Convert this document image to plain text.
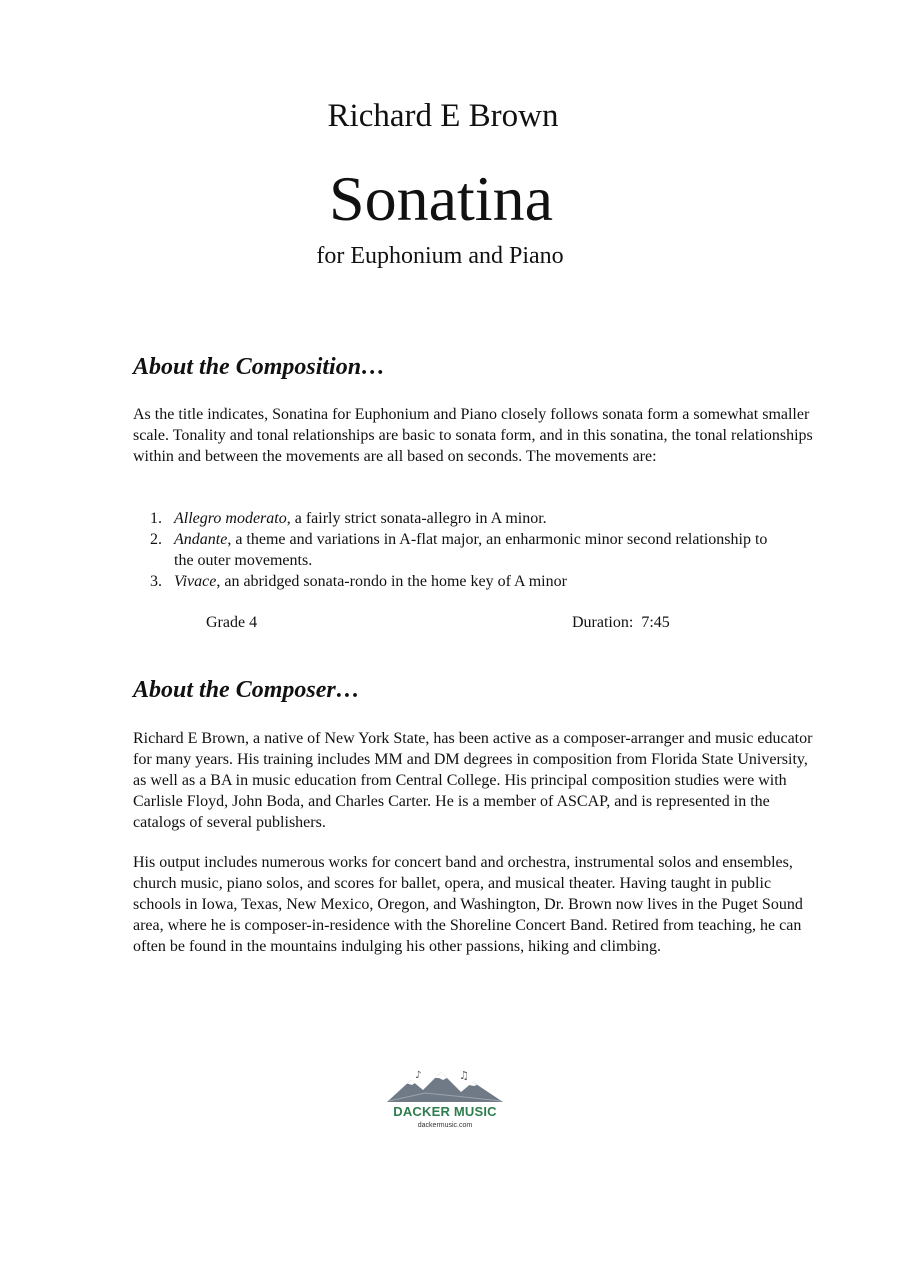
Richard E Brown
Sonatina
for Euphonium and Piano
About the Composition…

As the title indicates, Sonatina for Euphonium and Piano closely follows sonata form a somewhat smaller scale. Tonality and tonal relationships are basic to sonata form, and in this sonatina, the tonal relationships within and between the movements are all based on seconds. The movements are:

1. Allegro moderato, a fairly strict sonata-allegro in A minor.
2. Andante, a theme and variations in A-flat major, an enharmonic minor second relationship to the outer movements.
3. Vivace, an abridged sonata-rondo in the home key of A minor
Grade 4	Duration: 7:45
About the Composer…

Richard E Brown, a native of New York State, has been active as a composer-arranger and music educator for many years. His training includes MM and DM degrees in composition from Florida State University, as well as a BA in music education from Central College. His principal composition studies were with Carlisle Floyd, John Boda, and Charles Carter. He is a member of ASCAP, and is represented in the catalogs of several publishers.

His output includes numerous works for concert band and orchestra, instrumental solos and ensembles, church music, piano solos, and scores for ballet, opera, and musical theater. Having taught in public schools in Iowa, Texas, New Mexico, Oregon, and Washington, Dr. Brown now lives in the Puget Sound area, where he is composer-in-residence with the Shoreline Concert Band. Retired from teaching, he can often be found in the mountains indulging his other passions, hiking and climbing.

♪	♫
DACKER MUSIC
dackermusic.com
